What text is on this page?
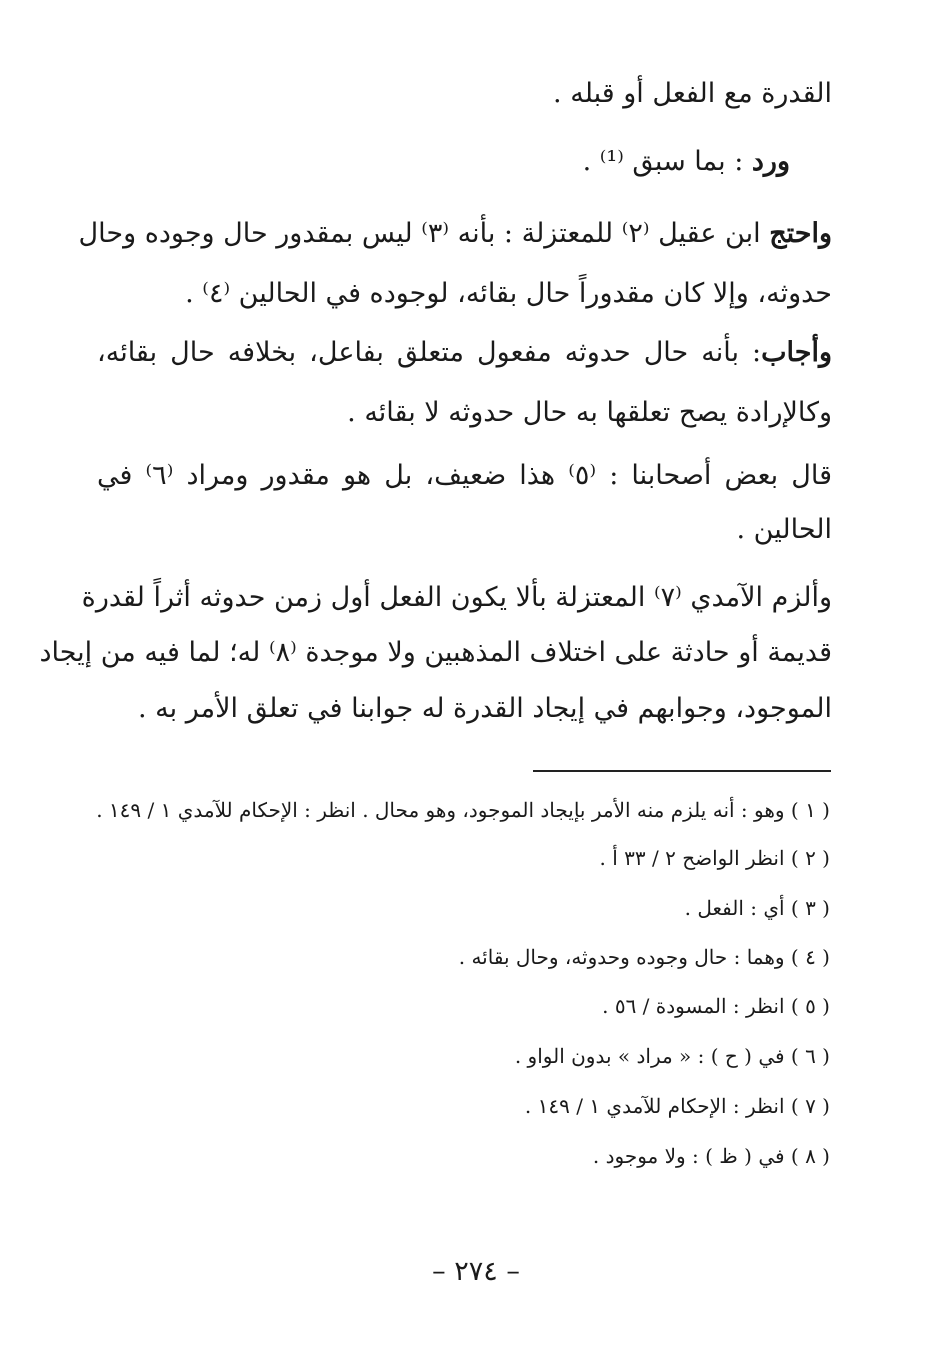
القدرة مع الفعل أو قبله .
ورد : بما سبق ⁽¹⁾ .
واحتج ابن عقيل ⁽٢⁾ للمعتزلة : بأنه ⁽٣⁾ ليس بمقدور حال وجوده وحال
حدوثه، وإلا كان مقدوراً حال بقائه، لوجوده في الحالين ⁽٤⁾ .
وأجاب: بأنه حال حدوثه مفعول متعلق بفاعل، بخلافه حال بقائه،
وكالإرادة يصح تعلقها به حال حدوثه لا بقائه .
قال بعض أصحابنا : ⁽٥⁾ هذا ضعيف، بل هو مقدور ومراد ⁽٦⁾ في
الحالين .
وألزم الآمدي ⁽٧⁾ المعتزلة بألا يكون الفعل أول زمن حدوثه أثراً لقدرة
قديمة أو حادثة على اختلاف المذهبين ولا موجدة ⁽٨⁾ له؛ لما فيه من إيجاد
الموجود، وجوابهم في إيجاد القدرة له جوابنا في تعلق الأمر به .
( ١ ) وهو : أنه يلزم منه الأمر بإيجاد الموجود، وهو محال . انظر : الإحكام للآمدي ١ / ١٤٩ .
( ٢ ) انظر الواضح ٢ / ٣٣ أ .
( ٣ ) أي : الفعل .
( ٤ ) وهما : حال وجوده وحدوثه، وحال بقائه .
( ٥ ) انظر : المسودة / ٥٦ .
( ٦ ) في ( ح ) : « مراد » بدون الواو .
( ٧ ) انظر : الإحكام للآمدي ١ / ١٤٩ .
( ٨ ) في ( ظ ) : ولا موجود .
– ٢٧٤ –
